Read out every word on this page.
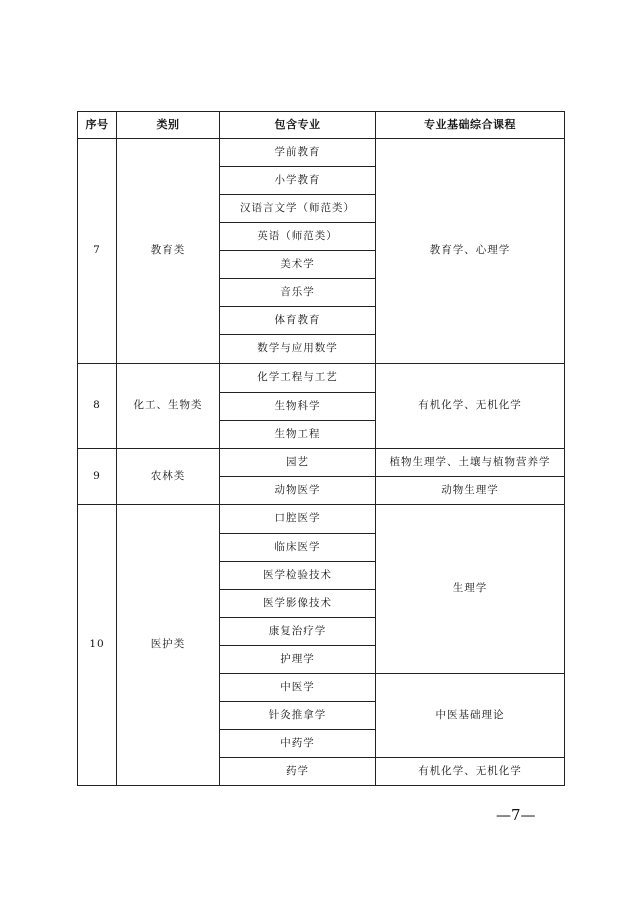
序号	类别	包含专业	专业基础综合课程
7	教育类	学前教育	教育学、心理学
		小学教育	
		汉语言文学（师范类）	
		英语（师范类）	
		美术学	
		音乐学	
		体育教育	
		数学与应用数学	
8	化工、生物类	化学工程与工艺	有机化学、无机化学
		生物科学	
		生物工程	
9	农林类	园艺	植物生理学、土壤与植物营养学
		动物医学	动物生理学
10	医护类	口腔医学	生理学
		临床医学	
		医学检验技术	
		医学影像技术	
		康复治疗学	
		护理学	
		中医学	中医基础理论
		针灸推拿学	
		中药学	
		药学	有机化学、无机化学
—7—
